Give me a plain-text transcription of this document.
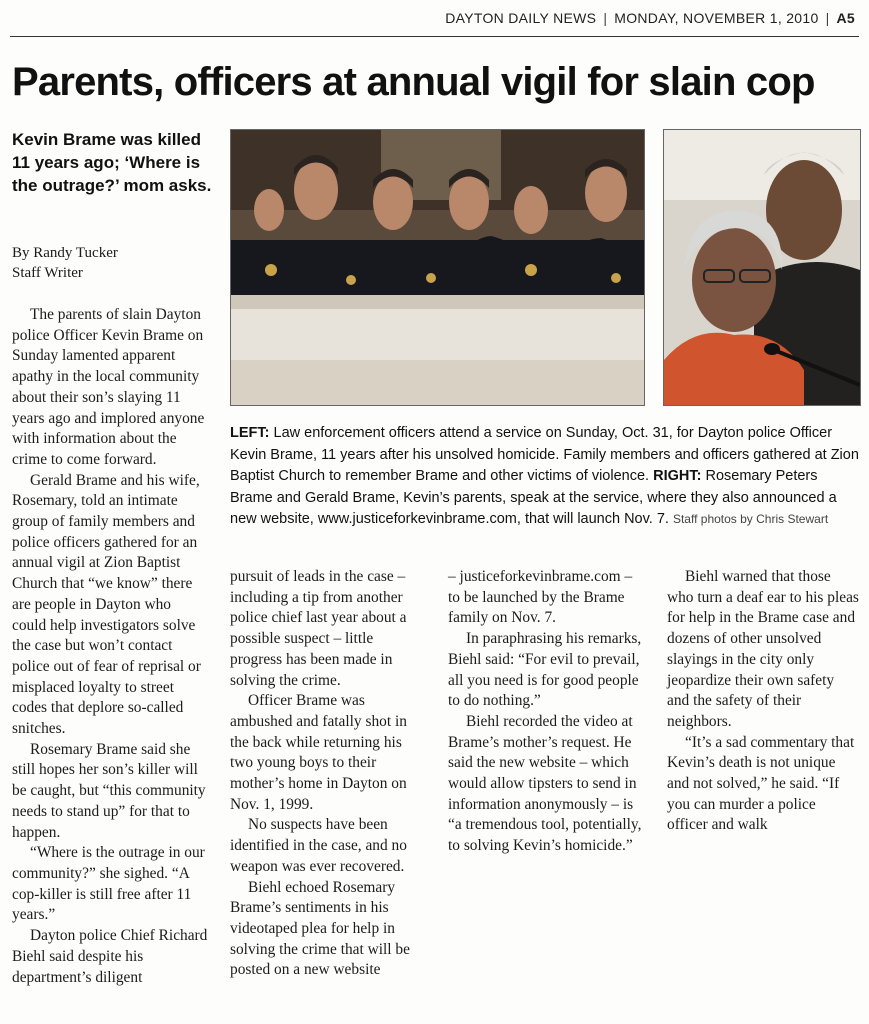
DAYTON DAILY NEWS | MONDAY, NOVEMBER 1, 2010 | A5
Parents, officers at annual vigil for slain cop
Kevin Brame was killed 11 years ago; ‘Where is the outrage?’ mom asks.
By Randy Tucker
Staff Writer
LEFT: Law enforcement officers attend a service on Sunday, Oct. 31, for Dayton police Officer Kevin Brame, 11 years after his unsolved homicide. Family members and officers gathered at Zion Baptist Church to remember Brame and other victims of violence. RIGHT: Rosemary Peters Brame and Gerald Brame, Kevin’s parents, speak at the service, where they also announced a new website, www.justiceforkevinbrame.com, that will launch Nov. 7. Staff photos by Chris Stewart

The parents of slain Dayton police Officer Kevin Brame on Sunday lamented apparent apathy in the local community about their son’s slaying 11 years ago and implored anyone with information about the crime to come forward.

Gerald Brame and his wife, Rosemary, told an intimate group of family members and police officers gathered for an annual vigil at Zion Baptist Church that “we know” there are people in Dayton who could help investigators solve the case but won’t contact police out of fear of reprisal or misplaced loyalty to street codes that deplore so-called snitches.

Rosemary Brame said she still hopes her son’s killer will be caught, but “this community needs to stand up” for that to happen.

“Where is the outrage in our community?” she sighed. “A cop-killer is still free after 11 years.”

Dayton police Chief Richard Biehl said despite his department’s diligent

pursuit of leads in the case – including a tip from another police chief last year about a possible suspect – little progress has been made in solving the crime.

Officer Brame was ambushed and fatally shot in the back while returning his two young boys to their mother’s home in Dayton on Nov. 1, 1999.

No suspects have been identified in the case, and no weapon was ever recovered.

Biehl echoed Rosemary Brame’s sentiments in his videotaped plea for help in solving the crime that will be posted on a new website

– justiceforkevinbrame.com – to be launched by the Brame family on Nov. 7.

In paraphrasing his remarks, Biehl said: “For evil to prevail, all you need is for good people to do nothing.”

Biehl recorded the video at Brame’s mother’s request. He said the new website – which would allow tipsters to send in information anonymously – is “a tremendous tool, potentially, to solving Kevin’s homicide.”

Biehl warned that those who turn a deaf ear to his pleas for help in the Brame case and dozens of other unsolved slayings in the city only jeopardize their own safety and the safety of their neighbors.

“It’s a sad commentary that Kevin’s death is not unique and not solved,” he said. “If you can murder a police officer and walk
